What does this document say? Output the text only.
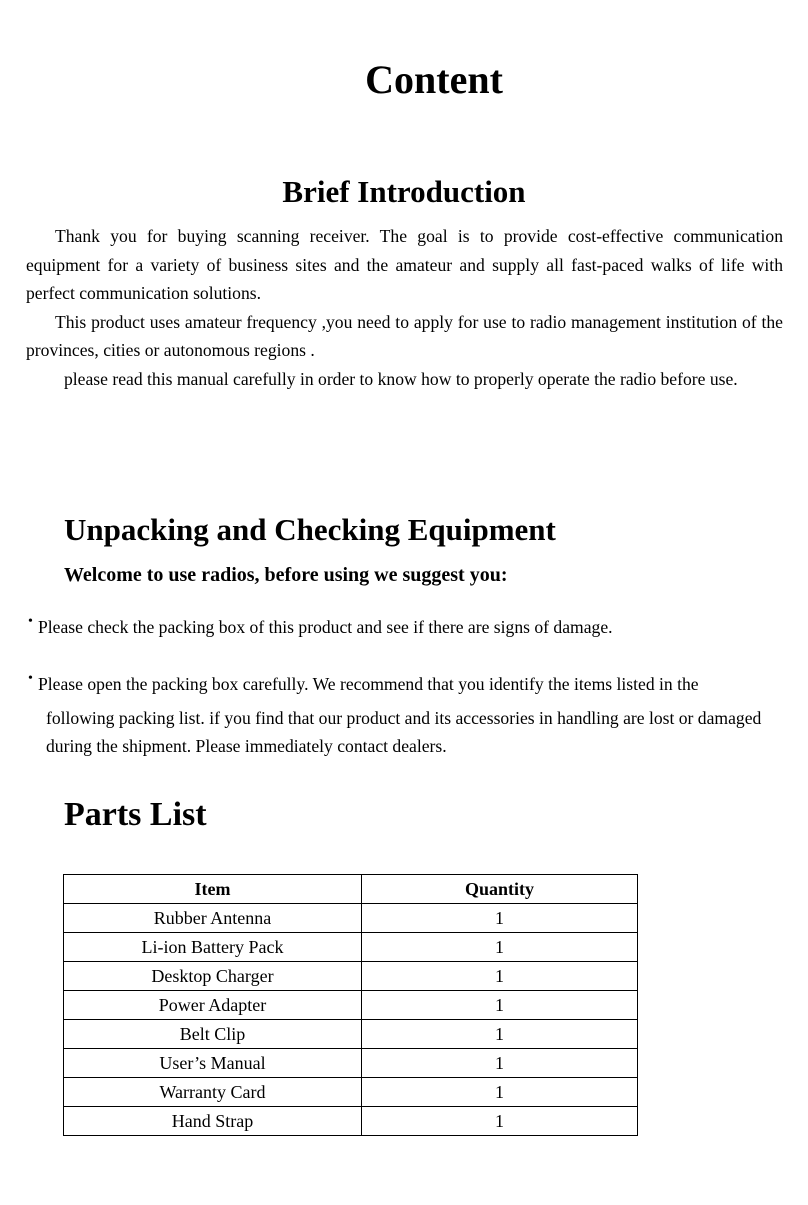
Content
Brief Introduction

Thank you for buying scanning receiver. The goal is to provide cost-effective communication equipment for a variety of business sites and the amateur and supply all fast-paced walks of life with perfect communication solutions.

This product uses amateur frequency ,you need to apply for use to radio management institution of the provinces, cities or autonomous regions .

please read this manual carefully in order to know how to properly operate the radio before use.

Unpacking and Checking Equipment
Welcome to use radios, before using we suggest you:
• Please check the packing box of this product and see if there are signs of damage.
• Please open the packing box carefully. We recommend that you identify the items listed in the
following packing list. if you find that our product and its accessories in handling are lost or damaged during the shipment. Please immediately contact dealers.
Parts List
Item	Quantity
Rubber Antenna	1
Li-ion Battery Pack	1
Desktop Charger	1
Power Adapter	1
Belt Clip	1
User’s Manual	1
Warranty Card	1
Hand Strap	1
